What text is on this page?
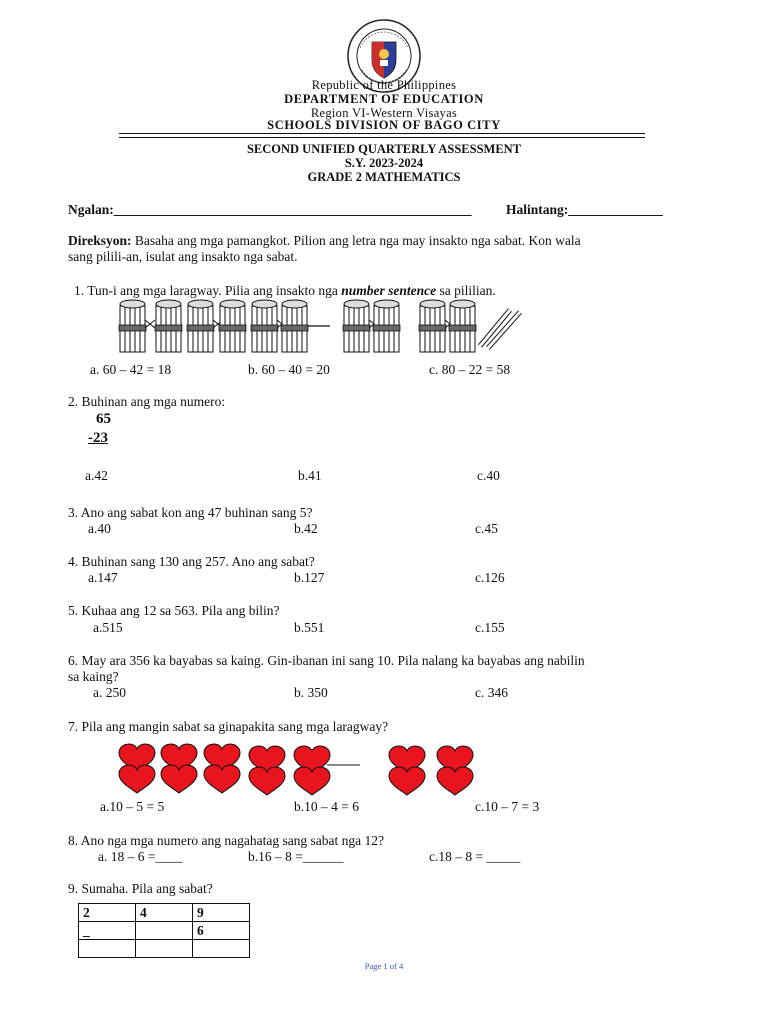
Republic of the Philippines
DEPARTMENT OF EDUCATION
Region VI-Western Visayas
SCHOOLS DIVISION OF BAGO CITY
SECOND UNIFIED QUARTERLY ASSESSMENT
S.Y. 2023-2024
GRADE 2 MATHEMATICS
Ngalan:_____________________________________________________	Halintang:______________
Direksyon: Basaha ang mga pamangkot. Pilion ang letra nga may insakto nga sabat. Kon wala
sang pilili-an, isulat ang insakto nga sabat.
1. Tun-i ang mga laragway. Pilia ang insakto nga number sentence sa pililian.
a. 60 – 42 = 18	b. 60 – 40 = 20	c. 80 – 22 = 58
2. Buhinan ang mga numero:
65
-23
a.42	b.41	c.40
3. Ano ang sabat kon ang 47 buhinan sang 5?
a.40	b.42	c.45
4. Buhinan sang 130 ang 257. Ano ang sabat?
a.147	b.127	c.126
5. Kuhaa ang 12 sa 563. Pila ang bilin?
a.515	b.551	c.155
6. May ara 356 ka bayabas sa kaing. Gin-ibanan ini sang 10. Pila nalang ka bayabas ang nabilin
sa kaing?
a. 250	b. 350	c. 346
7. Pila ang mangin sabat sa ginapakita sang mga laragway?
a.10 – 5 = 5	b.10 – 4 = 6	c.10 – 7 = 3
8. Ano nga mga numero ang nagahatag sang sabat nga 12?
a. 18 – 6 =____	b.16 – 8 =______	c.18 – 8 = _____
9. Sumaha. Pila ang sabat?
2	4	9
_		6

Page 1 of 4
